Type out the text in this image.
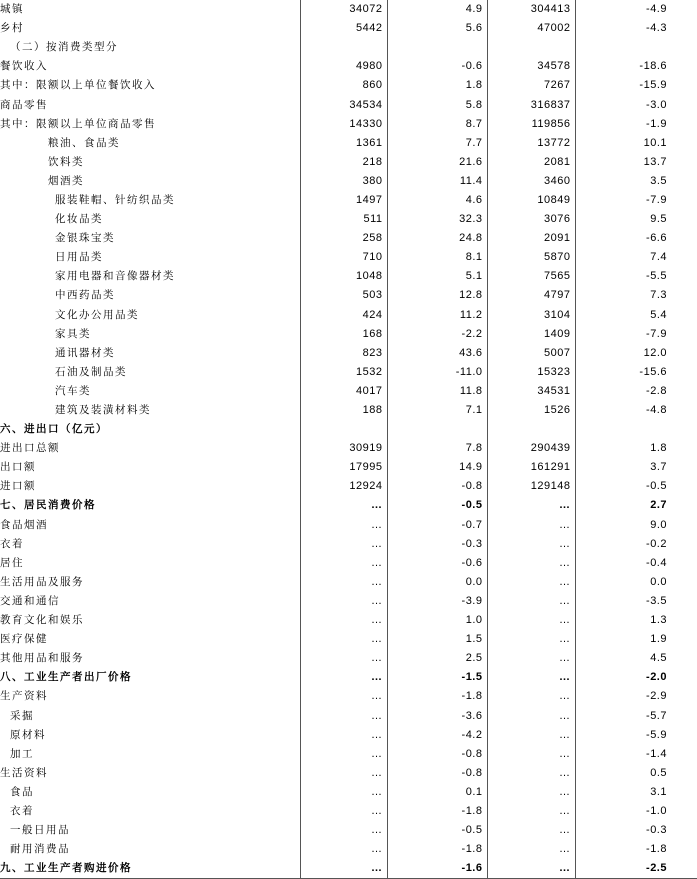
城镇	34072	4.9	304413	-4.9
乡村	5442	5.6	47002	-4.3
（二）按消费类型分				
餐饮收入	4980	-0.6	34578	-18.6
其中：限额以上单位餐饮收入	860	1.8	7267	-15.9
商品零售	34534	5.8	316837	-3.0
其中：限额以上单位商品零售	14330	8.7	119856	-1.9
粮油、食品类	1361	7.7	13772	10.1
饮料类	218	21.6	2081	13.7
烟酒类	380	11.4	3460	3.5
服装鞋帽、针纺织品类	1497	4.6	10849	-7.9
化妆品类	511	32.3	3076	9.5
金银珠宝类	258	24.8	2091	-6.6
日用品类	710	8.1	5870	7.4
家用电器和音像器材类	1048	5.1	7565	-5.5
中西药品类	503	12.8	4797	7.3
文化办公用品类	424	11.2	3104	5.4
家具类	168	-2.2	1409	-7.9
通讯器材类	823	43.6	5007	12.0
石油及制品类	1532	-11.0	15323	-15.6
汽车类	4017	11.8	34531	-2.8
建筑及装潢材料类	188	7.1	1526	-4.8
六、进出口（亿元）				
进出口总额	30919	7.8	290439	1.8
出口额	17995	14.9	161291	3.7
进口额	12924	-0.8	129148	-0.5
七、居民消费价格	…	-0.5	…	2.7
食品烟酒	…	-0.7	…	9.0
衣着	…	-0.3	…	-0.2
居住	…	-0.6	…	-0.4
生活用品及服务	…	0.0	…	0.0
交通和通信	…	-3.9	…	-3.5
教育文化和娱乐	…	1.0	…	1.3
医疗保健	…	1.5	…	1.9
其他用品和服务	…	2.5	…	4.5
八、工业生产者出厂价格	…	-1.5	…	-2.0
生产资料	…	-1.8	…	-2.9
采掘	…	-3.6	…	-5.7
原材料	…	-4.2	…	-5.9
加工	…	-0.8	…	-1.4
生活资料	…	-0.8	…	0.5
食品	…	0.1	…	3.1
衣着	…	-1.8	…	-1.0
一般日用品	…	-0.5	…	-0.3
耐用消费品	…	-1.8	…	-1.8
九、工业生产者购进价格	…	-1.6	…	-2.5
